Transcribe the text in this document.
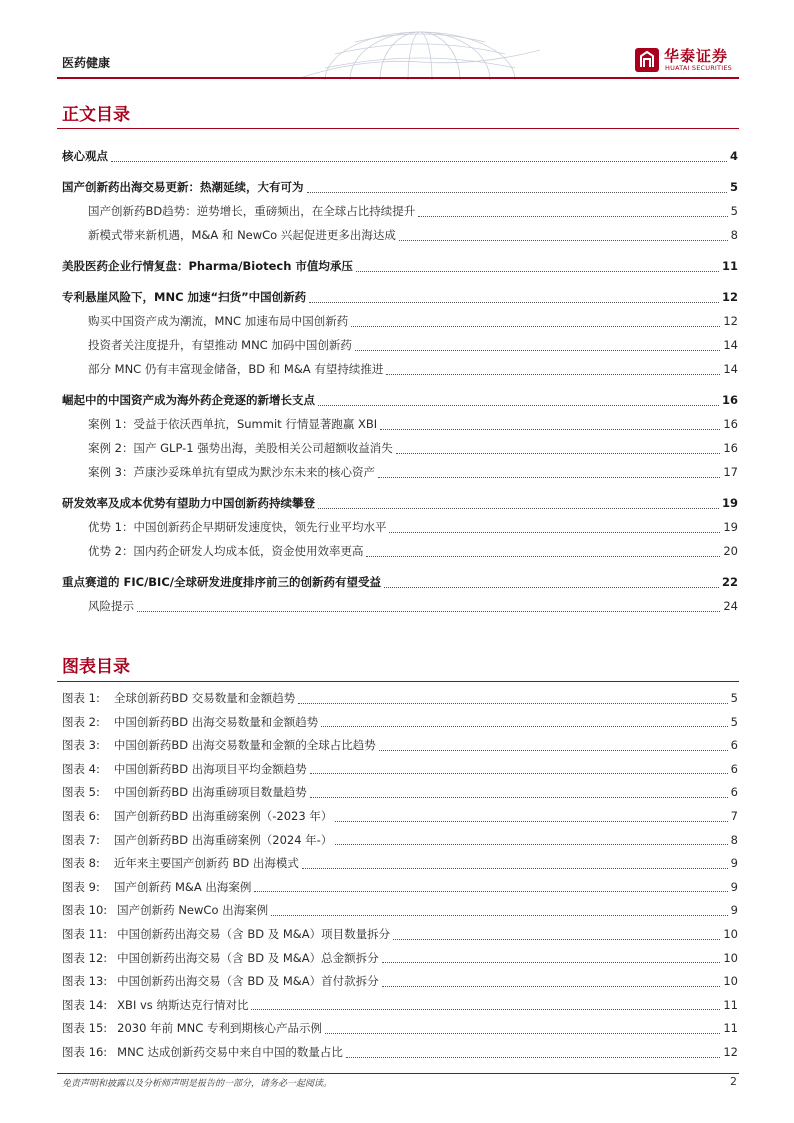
医药健康	华泰证券
HUATAI SECURITIES
正文目录
核心观点	4
国产创新药出海交易更新：热潮延续，大有可为	5
国产创新药BD趋势：逆势增长，重磅频出，在全球占比持续提升	5
新模式带来新机遇，M&A 和 NewCo 兴起促进更多出海达成	8
美股医药企业行情复盘：Pharma/Biotech 市值均承压	11
专利悬崖风险下，MNC 加速“扫货”中国创新药	12
购买中国资产成为潮流，MNC 加速布局中国创新药	12
投资者关注度提升，有望推动 MNC 加码中国创新药	14
部分 MNC 仍有丰富现金储备，BD 和 M&A 有望持续推进	14
崛起中的中国资产成为海外药企竞逐的新增长支点	16
案例 1：受益于依沃西单抗，Summit 行情显著跑赢 XBI	16
案例 2：国产 GLP-1 强势出海，美股相关公司超额收益消失	16
案例 3：芦康沙妥珠单抗有望成为默沙东未来的核心资产	17
研发效率及成本优势有望助力中国创新药持续攀登	19
优势 1：中国创新药企早期研发速度快，领先行业平均水平	19
优势 2：国内药企研发人均成本低，资金使用效率更高	20
重点赛道的 FIC/BIC/全球研发进度排序前三的创新药有望受益	22
风险提示	24
图表目录
图表 1: 全球创新药BD 交易数量和金额趋势	5
图表 2: 中国创新药BD 出海交易数量和金额趋势	5
图表 3: 中国创新药BD 出海交易数量和金额的全球占比趋势	6
图表 4: 中国创新药BD 出海项目平均金额趋势	6
图表 5: 中国创新药BD 出海重磅项目数量趋势	6
图表 6: 国产创新药BD 出海重磅案例（-2023 年）	7
图表 7: 国产创新药BD 出海重磅案例（2024 年-）	8
图表 8: 近年来主要国产创新药 BD 出海模式	9
图表 9: 国产创新药 M&A 出海案例	9
图表 10: 国产创新药 NewCo 出海案例	9
图表 11: 中国创新药出海交易（含 BD 及 M&A）项目数量拆分	10
图表 12: 中国创新药出海交易（含 BD 及 M&A）总金额拆分	10
图表 13: 中国创新药出海交易（含 BD 及 M&A）首付款拆分	10
图表 14: XBI vs 纳斯达克行情对比	11
图表 15: 2030 年前 MNC 专利到期核心产品示例	11
图表 16: MNC 达成创新药交易中来自中国的数量占比	12
免责声明和披露以及分析师声明是报告的一部分，请务必一起阅读。	2
